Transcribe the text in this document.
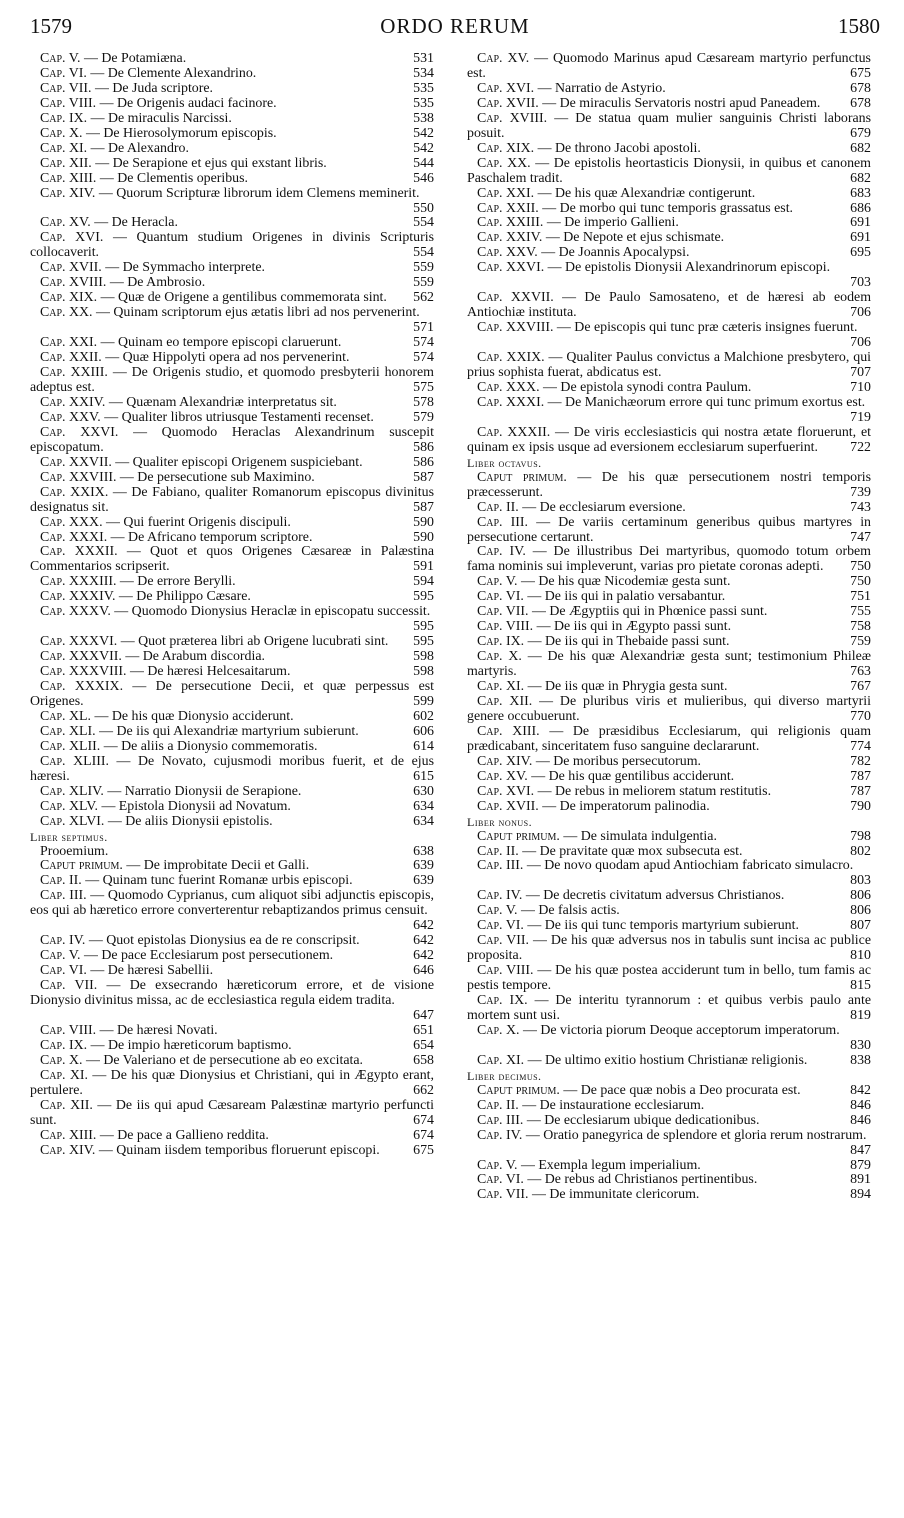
1579	ORDO RERUM	1580

Cap. V. — De Potamiæna.	531

Cap. VI. — De Clemente Alexandrino.	534

Cap. VII. — De Juda scriptore.	535

Cap. VIII. — De Origenis audaci facinore.	535

Cap. IX. — De miraculis Narcissi.	538

Cap. X. — De Hierosolymorum episcopis.	542

Cap. XI. — De Alexandro.	542

Cap. XII. — De Serapione et ejus qui exstant libris.	544

Cap. XIII. — De Clementis operibus.	546

Cap. XIV. — Quorum Scripturæ librorum idem Clemens meminerit.
550

Cap. XV. — De Heracla.	554

Cap. XVI. — Quantum studium Origenes in divinis Scripturis collocaverit.	554

Cap. XVII. — De Symmacho interprete.	559

Cap. XVIII. — De Ambrosio.	559

Cap. XIX. — Quæ de Origene a gentilibus commemorata sint.	562

Cap. XX. — Quinam scriptorum ejus ætatis libri ad nos pervenerint.
571

Cap. XXI. — Quinam eo tempore episcopi claruerunt.	574

Cap. XXII. — Quæ Hippolyti opera ad nos pervenerint.	574

Cap. XXIII. — De Origenis studio, et quomodo presbyterii honorem adeptus est.	575

Cap. XXIV. — Quænam Alexandriæ interpretatus sit.	578

Cap. XXV. — Qualiter libros utriusque Testamenti recenset.	579

Cap. XXVI. — Quomodo Heraclas Alexandrinum suscepit episcopatum.	586

Cap. XXVII. — Qualiter episcopi Origenem suspiciebant.	586

Cap. XXVIII. — De persecutione sub Maximino.	587

Cap. XXIX. — De Fabiano, qualiter Romanorum episcopus divinitus designatus sit.	587

Cap. XXX. — Qui fuerint Origenis discipuli.	590

Cap. XXXI. — De Africano temporum scriptore.	590

Cap. XXXII. — Quot et quos Origenes Cæsareæ in Palæstina Commentarios scripserit.	591

Cap. XXXIII. — De errore Berylli.	594

Cap. XXXIV. — De Philippo Cæsare.	595

Cap. XXXV. — Quomodo Dionysius Heraclæ in episcopatu successit.
595

Cap. XXXVI. — Quot præterea libri ab Origene lucubrati sint.	595

Cap. XXXVII. — De Arabum discordia.	598

Cap. XXXVIII. — De hæresi Helcesaitarum.	598

Cap. XXXIX. — De persecutione Decii, et quæ perpessus est Origenes.	599

Cap. XL. — De his quæ Dionysio acciderunt.	602

Cap. XLI. — De iis qui Alexandriæ martyrium subierunt.	606

Cap. XLII. — De aliis a Dionysio commemoratis.	614

Cap. XLIII. — De Novato, cujusmodi moribus fuerit, et de ejus hæresi.	615

Cap. XLIV. — Narratio Dionysii de Serapione.	630

Cap. XLV. — Epistola Dionysii ad Novatum.	634

Cap. XLVI. — De aliis Dionysii epistolis.	634

Liber septimus.

Prooemium.	638

Caput primum. — De improbitate Decii et Galli.	639

Cap. II. — Quinam tunc fuerint Romanæ urbis episcopi.	639

Cap. III. — Quomodo Cyprianus, cum aliquot sibi adjunctis episcopis, eos qui ab hæretico errore converterentur rebaptizandos primus censuit.
642

Cap. IV. — Quot epistolas Dionysius ea de re conscripsit.	642

Cap. V. — De pace Ecclesiarum post persecutionem.	642

Cap. VI. — De hæresi Sabellii.	646

Cap. VII. — De exsecrando hæreticorum errore, et de visione Dionysio divinitus missa, ac de ecclesiastica regula eidem tradita.
647

Cap. VIII. — De hæresi Novati.	651

Cap. IX. — De impio hæreticorum baptismo.	654

Cap. X. — De Valeriano et de persecutione ab eo excitata.	658

Cap. XI. — De his quæ Dionysius et Christiani, qui in Ægypto erant, pertulere.	662

Cap. XII. — De iis qui apud Cæsaream Palæstinæ martyrio perfuncti sunt.	674

Cap. XIII. — De pace a Gallieno reddita.	674

Cap. XIV. — Quinam iisdem temporibus floruerunt episcopi.	675

Cap. XV. — Quomodo Marinus apud Cæsaream martyrio perfunctus est.	675

Cap. XVI. — Narratio de Astyrio.	678

Cap. XVII. — De miraculis Servatoris nostri apud Paneadem.	678

Cap. XVIII. — De statua quam mulier sanguinis Christi laborans posuit.	679

Cap. XIX. — De throno Jacobi apostoli.	682

Cap. XX. — De epistolis heortasticis Dionysii, in quibus et canonem Paschalem tradit.	682

Cap. XXI. — De his quæ Alexandriæ contigerunt.	683

Cap. XXII. — De morbo qui tunc temporis grassatus est.	686

Cap. XXIII. — De imperio Gallieni.	691

Cap. XXIV. — De Nepote et ejus schismate.	691

Cap. XXV. — De Joannis Apocalypsi.	695

Cap. XXVI. — De epistolis Dionysii Alexandrinorum episcopi.
703

Cap. XXVII. — De Paulo Samosateno, et de hæresi ab eodem Antiochiæ instituta.	706

Cap. XXVIII. — De episcopis qui tunc præ cæteris insignes fuerunt.
706

Cap. XXIX. — Qualiter Paulus convictus a Malchione presbytero, qui prius sophista fuerat, abdicatus est.	707

Cap. XXX. — De epistola synodi contra Paulum.	710

Cap. XXXI. — De Manichæorum errore qui tunc primum exortus est.
719

Cap. XXXII. — De viris ecclesiasticis qui nostra ætate floruerunt, et quinam ex ipsis usque ad eversionem ecclesiarum superfuerint.	722

Liber octavus.

Caput primum. — De his quæ persecutionem nostri temporis præcesserunt.	739

Cap. II. — De ecclesiarum eversione.	743

Cap. III. — De variis certaminum generibus quibus martyres in persecutione certarunt.	747

Cap. IV. — De illustribus Dei martyribus, quomodo totum orbem fama nominis sui impleverunt, varias pro pietate coronas adepti.	750

Cap. V. — De his quæ Nicodemiæ gesta sunt.	750

Cap. VI. — De iis qui in palatio versabantur.	751

Cap. VII. — De Ægyptiis qui in Phœnice passi sunt.	755

Cap. VIII. — De iis qui in Ægypto passi sunt.	758

Cap. IX. — De iis qui in Thebaide passi sunt.	759

Cap. X. — De his quæ Alexandriæ gesta sunt; testimonium Phileæ martyris.	763

Cap. XI. — De iis quæ in Phrygia gesta sunt.	767

Cap. XII. — De pluribus viris et mulieribus, qui diverso martyrii genere occubuerunt.	770

Cap. XIII. — De præsidibus Ecclesiarum, qui religionis quam prædicabant, sinceritatem fuso sanguine declararunt.	774

Cap. XIV. — De moribus persecutorum.	782

Cap. XV. — De his quæ gentilibus acciderunt.	787

Cap. XVI. — De rebus in meliorem statum restitutis.	787

Cap. XVII. — De imperatorum palinodia.	790

Liber nonus.

Caput primum. — De simulata indulgentia.	798

Cap. II. — De pravitate quæ mox subsecuta est.	802

Cap. III. — De novo quodam apud Antiochiam fabricato simulacro.
803

Cap. IV. — De decretis civitatum adversus Christianos.	806

Cap. V. — De falsis actis.	806

Cap. VI. — De iis qui tunc temporis martyrium subierunt.	807

Cap. VII. — De his quæ adversus nos in tabulis sunt incisa ac publice proposita.	810

Cap. VIII. — De his quæ postea acciderunt tum in bello, tum famis ac pestis tempore.	815

Cap. IX. — De interitu tyrannorum : et quibus verbis paulo ante mortem sunt usi.	819

Cap. X. — De victoria piorum Deoque acceptorum imperatorum.
830

Cap. XI. — De ultimo exitio hostium Christianæ religionis.	838

Liber decimus.

Caput primum. — De pace quæ nobis a Deo procurata est.	842

Cap. II. — De instauratione ecclesiarum.	846

Cap. III. — De ecclesiarum ubique dedicationibus.	846

Cap. IV. — Oratio panegyrica de splendore et gloria rerum nostrarum.
847

Cap. V. — Exempla legum imperialium.	879

Cap. VI. — De rebus ad Christianos pertinentibus.	891

Cap. VII. — De immunitate clericorum.	894
